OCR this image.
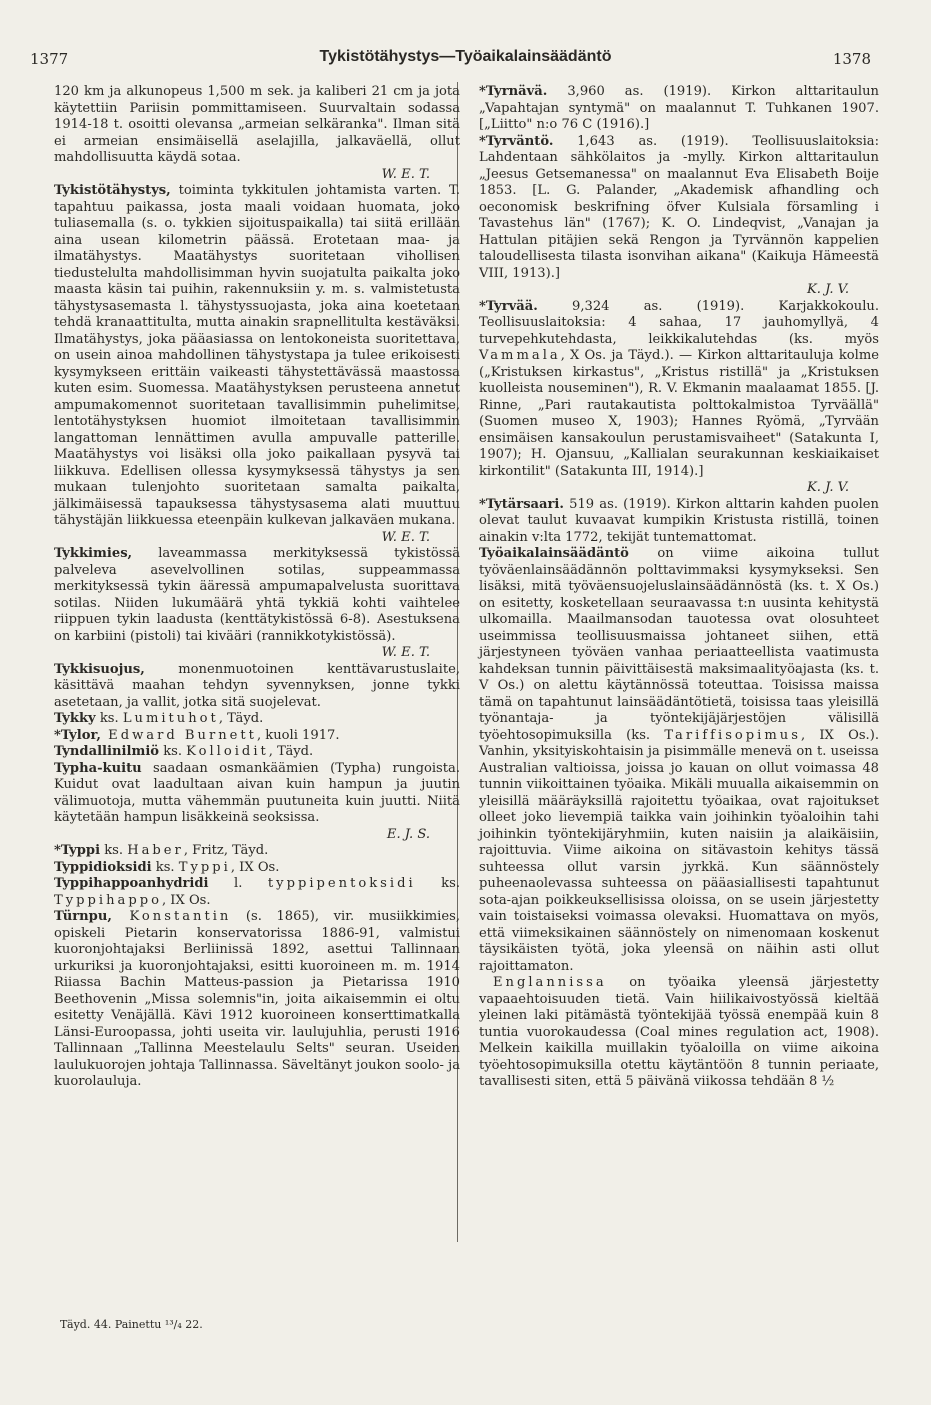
1377	Tykistötähystys—Työaikalainsäädäntö	1378

120 km ja alkunopeus 1,500 m sek. ja kaliberi 21 cm ja jota käytettiin Pariisin pommittamiseen. Suurvaltain sodassa 1914-18 t. osoitti olevansa „armeian selkäranka". Ilman sitä ei armeian ensimäisellä aselajilla, jalkaväellä, ollut mahdollisuutta käydä sotaa.
W. E. T.

Tykistötähystys, toiminta tykkitulen johtamista varten. T. tapahtuu paikassa, josta maali voidaan huomata, joko tuliasemalla (s. o. tykkien sijoituspaikalla) tai siitä erillään aina usean kilometrin päässä. Erotetaan maa- ja ilmatähystys. Maatähystys suoritetaan vihollisen tiedustelulta mahdollisimman hyvin suojatulta paikalta joko maasta käsin tai puihin, rakennuksiin y. m. s. valmistetusta tähystysasemasta l. tähystyssuojasta, joka aina koetetaan tehdä kranaattitulta, mutta ainakin srapnellitulta kestäväksi. Ilmatähystys, joka pääasiassa on lentokoneista suoritettava, on usein ainoa mahdollinen tähystystapa ja tulee erikoisesti kysymykseen erittäin vaikeasti tähystettävässä maastossa kuten esim. Suomessa. Maatähystyksen perusteena annetut ampumakomennot suoritetaan tavallisimmin puhelimitse, lentotähystyksen huomiot ilmoitetaan tavallisimmin langattoman lennättimen avulla ampuvalle patterille. Maatähystys voi lisäksi olla joko paikallaan pysyvä tai liikkuva. Edellisen ollessa kysymyksessä tähystys ja sen mukaan tulenjohto suoritetaan samalta paikalta, jälkimäisessä tapauksessa tähystysasema alati muuttuu tähystäjän liikkuessa eteenpäin kulkevan jalkaväen mukana.
W. E. T.

Tykkimies, laveammassa merkityksessä tykistössä palveleva asevelvollinen sotilas, suppeammassa merkityksessä tykin ääressä ampumapalvelusta suorittava sotilas. Niiden lukumäärä yhtä tykkiä kohti vaihtelee riippuen tykin laadusta (kenttätykistössä 6-8). Asestuksena on karbiini (pistoli) tai kivääri (rannikkotykistössä).
W. E. T.

Tykkisuojus, monenmuotoinen kenttävarustuslaite, käsittävä maahan tehdyn syvennyksen, jonne tykki asetetaan, ja vallit, jotka sitä suojelevat.

Tykky ks. Lumituhot, Täyd.

*Tylor, Edward Burnett, kuoli 1917.

Tyndallinilmiö ks. Kolloidit, Täyd.

Typha-kuitu saadaan osmankäämien (Typha) rungoista. Kuidut ovat laadultaan aivan kuin hampun ja juutin välimuotoja, mutta vähemmän puutuneita kuin juutti. Niitä käytetään hampun lisäkkeinä seoksissa.
E. J. S.

*Typpi ks. Haber, Fritz, Täyd.

Typpidioksidi ks. Typpi, IX Os.

Typpihappoanhydridi l. typpipentoksidi ks. Typpihappo, IX Os.

Türnpu, Konstantin (s. 1865), vir. musiikkimies, opiskeli Pietarin konservatorissa 1886-91, valmistui kuoronjohtajaksi Berliinissä 1892, asettui Tallinnaan urkuriksi ja kuoronjohtajaksi, esitti kuoroineen m. m. 1914 Riiassa Bachin Matteus-passion ja Pietarissa 1910 Beethovenin „Missa solemnis"in, joita aikaisemmin ei oltu esitetty Venäjällä. Kävi 1912 kuoroineen konserttimatkalla Länsi-Euroopassa, johti useita vir. laulujuhlia, perusti 1916 Tallinnaan „Tallinna Meestelaulu Selts" seuran. Useiden laulukuorojen johtaja Tallinnassa. Säveltänyt joukon soolo- ja kuorolauluja.

*Tyrnävä. 3,960 as. (1919). Kirkon alttaritaulun „Vapahtajan syntymä" on maalannut T. Tuhkanen 1907. [„Liitto" n:o 76 C (1916).]

*Tyrväntö. 1,643 as. (1919). Teollisuuslaitoksia: Lahdentaan sähkölaitos ja -mylly. Kirkon alttaritaulun „Jeesus Getsemanessa" on maalannut Eva Elisabeth Boije 1853. [L. G. Palander, „Akademisk afhandling och oeconomisk beskrifning öfver Kulsiala församling i Tavastehus län" (1767); K. O. Lindeqvist, „Vanajan ja Hattulan pitäjien sekä Rengon ja Tyrvännön kappelien taloudellisesta tilasta isonvihan aikana" (Kaikuja Hämeestä VIII, 1913).]
K. J. V.

*Tyrvää. 9,324 as. (1919). Karjakkokoulu. Teollisuuslaitoksia: 4 sahaa, 17 jauhomyllyä, 4 turvepehkutehdasta, leikkikalutehdas (ks. myös Vammala, X Os. ja Täyd.). — Kirkon alttaritauluja kolme („Kristuksen kirkastus", „Kristus ristillä" ja „Kristuksen kuolleista nouseminen"), R. V. Ekmanin maalaamat 1855. [J. Rinne, „Pari rautakautista polttokalmistoa Tyrväällä" (Suomen museo X, 1903); Hannes Ryömä, „Tyrvään ensimäisen kansakoulun perustamisvaiheet" (Satakunta I, 1907); H. Ojansuu, „Kallialan seurakunnan keskiaikaiset kirkontilit" (Satakunta III, 1914).]
K. J. V.

*Tytärsaari. 519 as. (1919). Kirkon alttarin kahden puolen olevat taulut kuvaavat kumpikin Kristusta ristillä, toinen ainakin v:lta 1772, tekijät tuntemattomat.

Työaikalainsäädäntö on viime aikoina tullut työväenlainsäädännön polttavimmaksi kysymykseksi. Sen lisäksi, mitä työväensuojeluslainsäädännöstä (ks. t. X Os.) on esitetty, kosketellaan seuraavassa t:n uusinta kehitystä ulkomailla. Maailmansodan tauotessa ovat olosuhteet useimmissa teollisuusmaissa johtaneet siihen, että järjestyneen työväen vanhaa periaatteellista vaatimusta kahdeksan tunnin päivittäisestä maksimaalityöajasta (ks. t. V Os.) on alettu käytännössä toteuttaa. Toisissa maissa tämä on tapahtunut lainsäädäntötietä, toisissa taas yleisillä työnantaja- ja työntekijäjärjestöjen välisillä työehtosopimuksilla (ks. Tariffisopimus, IX Os.). Vanhin, yksityiskohtaisin ja pisimmälle menevä on t. useissa Australian valtioissa, joissa jo kauan on ollut voimassa 48 tunnin viikoittainen työaika. Mikäli muualla aikaisemmin on yleisillä määräyksillä rajoitettu työaikaa, ovat rajoitukset olleet joko lievempiä taikka vain joihinkin työaloihin tahi joihinkin työntekijäryhmiin, kuten naisiin ja alaikäisiin, rajoittuvia. Viime aikoina on sitävastoin kehitys tässä suhteessa ollut varsin jyrkkä. Kun säännöstely puheenaolevassa suhteessa on pääasiallisesti tapahtunut sota-ajan poikkeuksellisissa oloissa, on se usein järjestetty vain toistaiseksi voimassa olevaksi. Huomattava on myös, että viimeksikainen säännöstely on nimenomaan koskenut täysikäisten työtä, joka yleensä on näihin asti ollut rajoittamaton.

Englannissa on työaika yleensä järjestetty vapaaehtoisuuden tietä. Vain hiilikaivostyössä kieltää yleinen laki pitämästä työntekijää työssä enempää kuin 8 tuntia vuorokaudessa (Coal mines regulation act, 1908). Melkein kaikilla muillakin työaloilla on viime aikoina työehtosopimuksilla otettu käytäntöön 8 tunnin periaate, tavallisesti siten, että 5 päivänä viikossa tehdään 8 ½

Täyd. 44. Painettu ¹³/₄ 22.
